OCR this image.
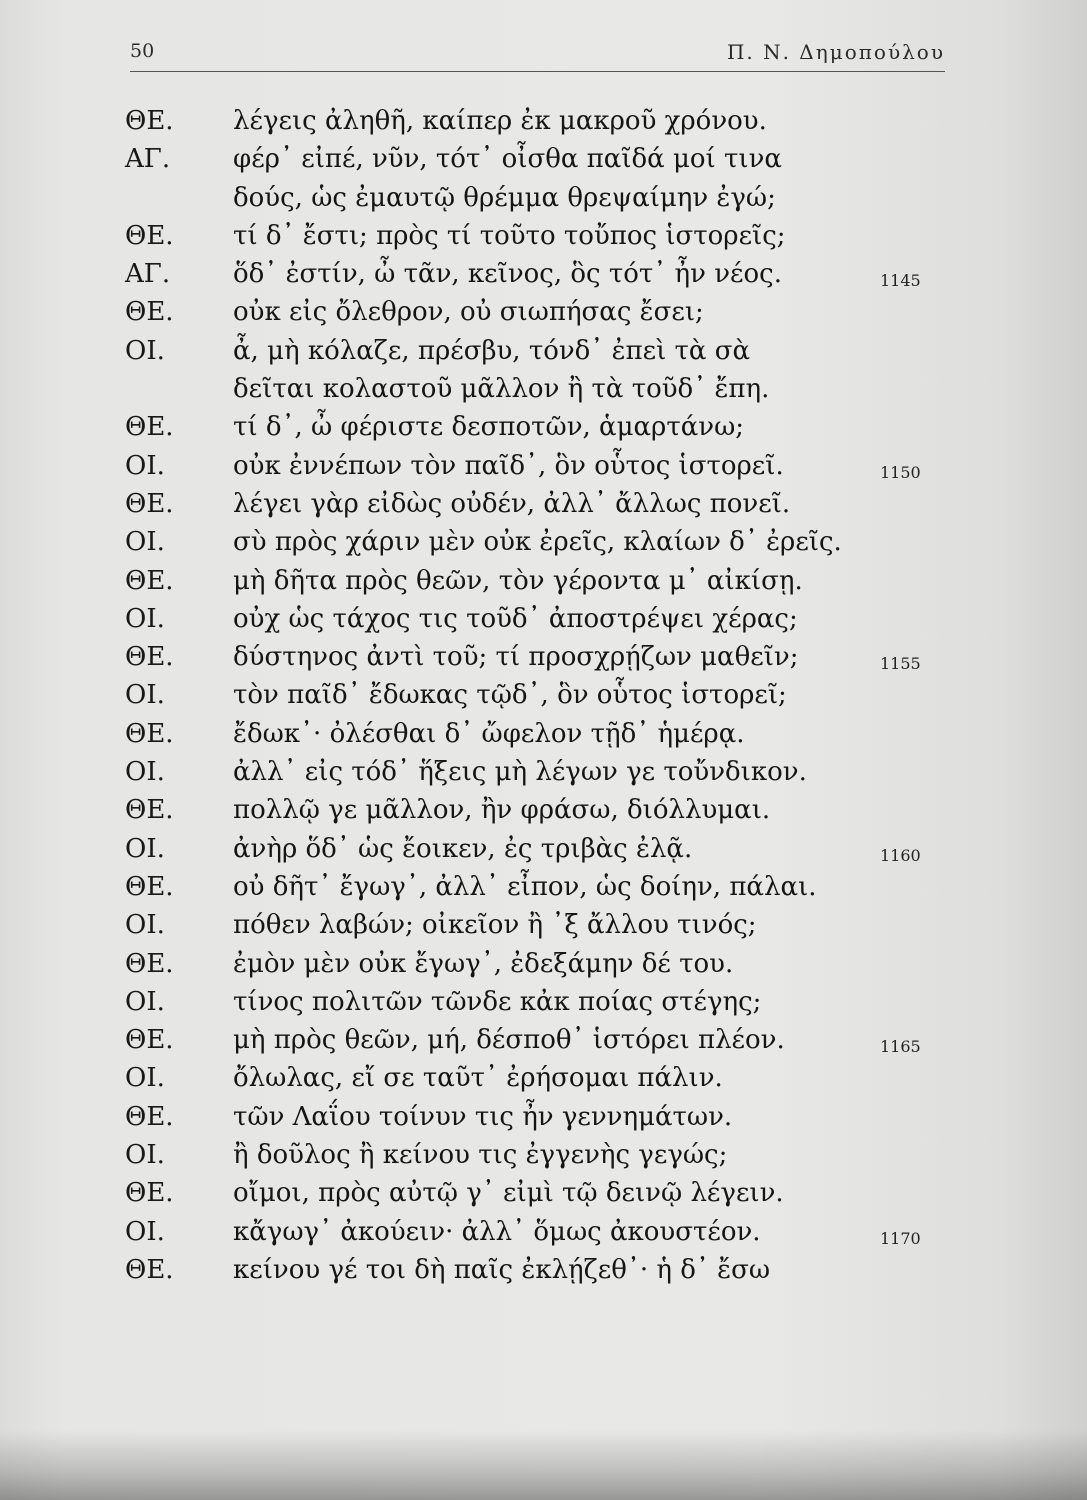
50	Π. Ν. Δημοπούλου
ΘΕ. λέγεις ἀληθῆ, καίπερ ἐκ μακροῦ χρόνου.
ΑΓ. φέρ᾿ εἰπέ, νῦν, τότ᾿ οἶσθα παῖδά μοί τινα
δούς, ὡς ἐμαυτῷ θρέμμα θρεψαίμην ἐγώ;
ΘΕ. τί δ᾿ ἔστι; πρὸς τί τοῦτο τοὔπος ἱστορεῖς;
ΑΓ. ὅδ᾿ ἐστίν, ὦ τᾶν, κεῖνος, ὃς τότ᾿ ἦν νέος.	1145
ΘΕ. οὐκ εἰς ὄλεθρον, οὐ σιωπήσας ἔσει;
ΟΙ.	ἆ, μὴ κόλαζε, πρέσβυ, τόνδ᾿ ἐπεὶ τὰ σὰ
δεῖται κολαστοῦ μᾶλλον ἢ τὰ τοῦδ᾿ ἔπη.
ΘΕ. τί δ᾿, ὦ φέριστε δεσποτῶν, ἁμαρτάνω;
ΟΙ.	οὐκ ἐννέπων τὸν παῖδ᾿, ὃν οὗτος ἱστορεῖ.	1150
ΘΕ. λέγει γὰρ εἰδὼς οὐδέν, ἀλλ᾿ ἄλλως πονεῖ.
ΟΙ.	σὺ πρὸς χάριν μὲν οὐκ ἐρεῖς, κλαίων δ᾿ ἐρεῖς.
ΘΕ. μὴ δῆτα πρὸς θεῶν, τὸν γέροντα μ᾿ αἰκίσῃ.
ΟΙ.	οὐχ ὡς τάχος τις τοῦδ᾿ ἀποστρέψει χέρας;
ΘΕ. δύστηνος ἀντὶ τοῦ; τί προσχρῄζων μαθεῖν;	1155
ΟΙ.	τὸν παῖδ᾿ ἔδωκας τῷδ᾿, ὃν οὗτος ἱστορεῖ;
ΘΕ. ἔδωκ᾿· ὀλέσθαι δ᾿ ὤφελον τῇδ᾿ ἡμέρᾳ.
ΟΙ.	ἀλλ᾿ εἰς τόδ᾿ ἥξεις μὴ λέγων γε τοὔνδικον.
ΘΕ. πολλῷ γε μᾶλλον, ἢν φράσω, διόλλυμαι.
ΟΙ.	ἀνὴρ ὅδ᾿ ὡς ἔοικεν, ἐς τριβὰς ἐλᾷ.	1160
ΘΕ. οὐ δῆτ᾿ ἔγωγ᾿, ἀλλ᾿ εἶπον, ὡς δοίην, πάλαι.
ΟΙ.	πόθεν λαβών; οἰκεῖον ἢ ᾿ξ ἄλλου τινός;
ΘΕ. ἐμὸν μὲν οὐκ ἔγωγ᾿, ἐδεξάμην δέ του.
ΟΙ.	τίνος πολιτῶν τῶνδε κἀκ ποίας στέγης;
ΘΕ. μὴ πρὸς θεῶν, μή, δέσποθ᾿ ἱστόρει πλέον.	1165
ΟΙ.	ὄλωλας, εἴ σε ταῦτ᾿ ἐρήσομαι πάλιν.
ΘΕ. τῶν Λαΐου τοίνυν τις ἦν γεννημάτων.
ΟΙ.	ἢ δοῦλος ἢ κείνου τις ἐγγενὴς γεγώς;
ΘΕ. οἴμοι, πρὸς αὐτῷ γ᾿ εἰμὶ τῷ δεινῷ λέγειν.
ΟΙ.	κἄγωγ᾿ ἀκούειν· ἀλλ᾿ ὅμως ἀκουστέον.	1170
ΘΕ. κείνου γέ τοι δὴ παῖς ἐκλῄζεθ᾿· ἡ δ᾿ ἔσω
